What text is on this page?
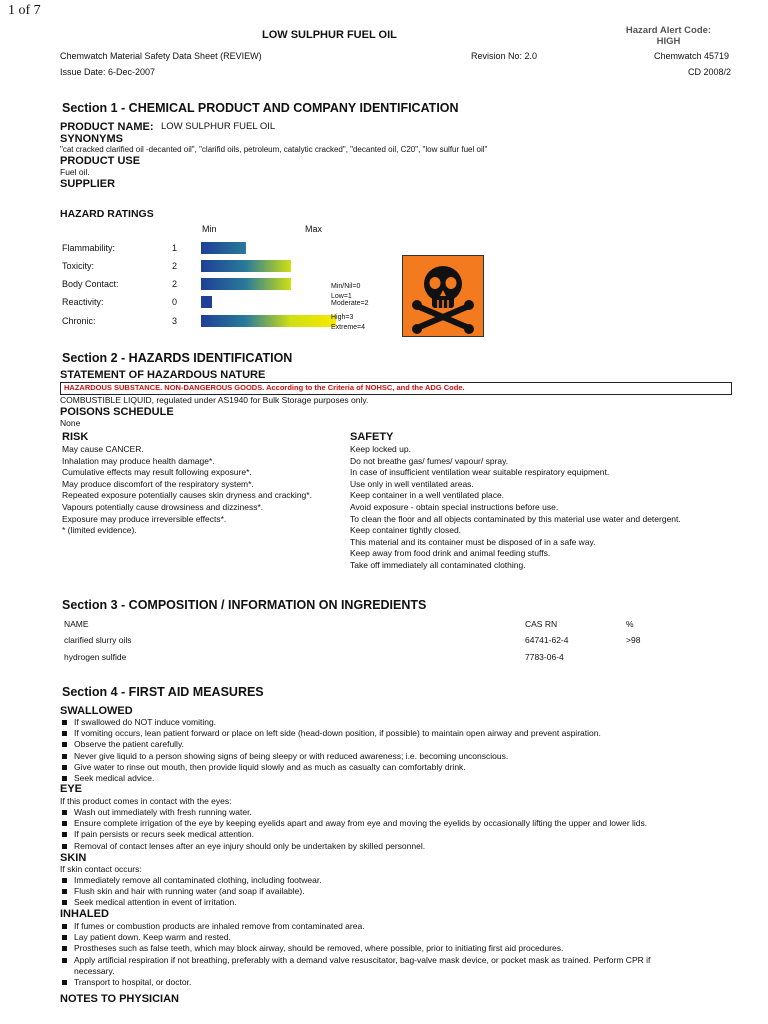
1 of 7
LOW SULPHUR FUEL OIL	Hazard Alert Code:
HIGH
Chemwatch Material Safety Data Sheet (REVIEW)	Revision No: 2.0	Chemwatch 45719
Issue Date: 6-Dec-2007	CD 2008/2
Section 1 - CHEMICAL PRODUCT AND COMPANY IDENTIFICATION
PRODUCT NAME: LOW SULPHUR FUEL OIL
SYNONYMS
"cat cracked clarified oil -decanted oil", "clarifid oils, petroleum, catalytic cracked", "decanted oil, C20", "low sulfur fuel oil"
PRODUCT USE
Fuel oil.
SUPPLIER
HAZARD RATINGS
Min	Max
Flammability:	1
Toxicity:	2
Body Contact:	2
Reactivity:	0
Chronic:	3
Min/Nil=0
Low=1
Moderate=2
High=3
Extreme=4
Section 2 - HAZARDS IDENTIFICATION
STATEMENT OF HAZARDOUS NATURE
HAZARDOUS SUBSTANCE. NON-DANGEROUS GOODS. According to the Criteria of NOHSC, and the ADG Code.
COMBUSTIBLE LIQUID, regulated under AS1940 for Bulk Storage purposes only.
POISONS SCHEDULE
None
RISK	SAFETY
May cause CANCER.
Inhalation may produce health damage*.
Cumulative effects may result following exposure*.
May produce discomfort of the respiratory system*.
Repeated exposure potentially causes skin dryness and cracking*.
Vapours potentially cause drowsiness and dizziness*.
Exposure may produce irreversible effects*.
* (limited evidence).
Keep locked up.
Do not breathe gas/ fumes/ vapour/ spray.
In case of insufficient ventilation wear suitable respiratory equipment.
Use only in well ventilated areas.
Keep container in a well ventilated place.
Avoid exposure - obtain special instructions before use.
To clean the floor and all objects contaminated by this material use water and detergent.
Keep container tightly closed.
This material and its container must be disposed of in a safe way.
Keep away from food drink and animal feeding stuffs.
Take off immediately all contaminated clothing.
Section 3 - COMPOSITION / INFORMATION ON INGREDIENTS
NAME	CAS RN	%
clarified slurry oils	64741-62-4	>98
hydrogen sulfide	7783-06-4
Section 4 - FIRST AID MEASURES
SWALLOWED
If swallowed do NOT induce vomiting.
If vomiting occurs, lean patient forward or place on left side (head-down position, if possible) to maintain open airway and prevent aspiration.
Observe the patient carefully.
Never give liquid to a person showing signs of being sleepy or with reduced awareness; i.e. becoming unconscious.
Give water to rinse out mouth, then provide liquid slowly and as much as casualty can comfortably drink.
Seek medical advice.
EYE
If this product comes in contact with the eyes:
Wash out immediately with fresh running water.
Ensure complete irrigation of the eye by keeping eyelids apart and away from eye and moving the eyelids by occasionally lifting the upper and lower lids.
If pain persists or recurs seek medical attention.
Removal of contact lenses after an eye injury should only be undertaken by skilled personnel.
SKIN
If skin contact occurs:
Immediately remove all contaminated clothing, including footwear.
Flush skin and hair with running water (and soap if available).
Seek medical attention in event of irritation.
INHALED
If fumes or combustion products are inhaled remove from contaminated area.
Lay patient down. Keep warm and rested.
Prostheses such as false teeth, which may block airway, should be removed, where possible, prior to initiating first aid procedures.
Apply artificial respiration if not breathing, preferably with a demand valve resuscitator, bag-valve mask device, or pocket mask as trained. Perform CPR if
necessary.
Transport to hospital, or doctor.
NOTES TO PHYSICIAN
